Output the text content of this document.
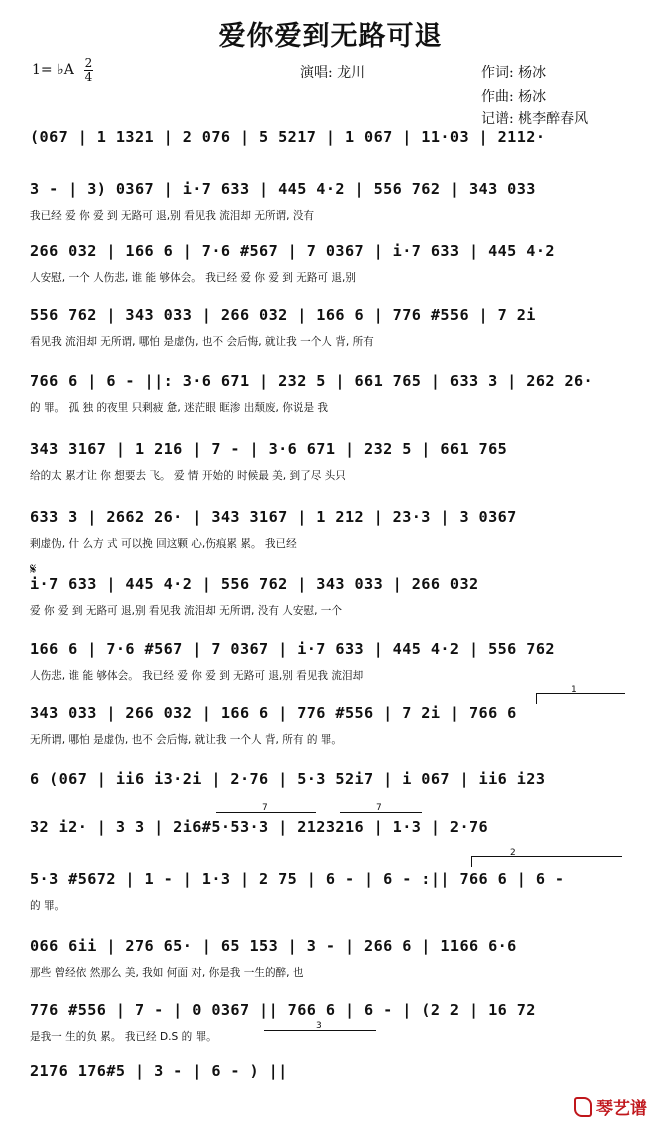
爱你爱到无路可退
1= ♭A 2
4	演唱: 龙川	作词: 杨冰
作曲: 杨冰
记谱: 桃李醉春风
(067 | 1 1321 | 2 076 | 5 5217 | 1 067 | 11·03 | 2112·
3 - | 3) 0367 | i·7 633 | 445 4·2 | 556 762 | 343 033
我已经 爱 你 爱 到 无路可 退,别 看见我 流泪却 无所谓, 没有
266 032 | 166 6 | 7·6 #567 | 7 0367 | i·7 633 | 445 4·2
人安慰, 一个 人伤悲, 谁 能 够体会。 我已经 爱 你 爱 到 无路可 退,别
556 762 | 343 033 | 266 032 | 166 6 | 776 #556 | 7 2i
看见我 流泪却 无所谓, 哪怕 是虚伪, 也不 会后悔, 就让我 一个人 背, 所有
766 6 | 6 - ||: 3·6 671 | 232 5 | 661 765 | 633 3 | 262 26·
的 罪。 孤 独 的夜里 只剩疲 惫, 迷茫眼 眶渗 出颓废, 你说是 我
343 3167 | 1 216 | 7 - | 3·6 671 | 232 5 | 661 765
给的太 累才让 你 想要去 飞。 爱 情 开始的 时候最 美, 到了尽 头只
633 3 | 2662 26· | 343 3167 | 1 212 | 23·3 | 3 0367
剩虚伪, 什 么方 式 可以挽 回这颗 心,伤痕累 累。 我已经
i·7 633 | 445 4·2 | 556 762 | 343 033 | 266 032
爱 你 爱 到 无路可 退,别 看见我 流泪却 无所谓, 没有 人安慰, 一个
166 6 | 7·6 #567 | 7 0367 | i·7 633 | 445 4·2 | 556 762
人伤悲, 谁 能 够体会。 我已经 爱 你 爱 到 无路可 退,别 看见我 流泪却
343 033 | 266 032 | 166 6 | 776 #556 | 7 2i | 766 6
无所谓, 哪怕 是虚伪, 也不 会后悔, 就让我 一个人 背, 所有 的 罪。
6 (067 | ii6 i3·2i | 2·76 | 5·3 52i7 | i 067 | ii6 i23
32 i2· | 3 3 | 2i6#5·53·3 | 2123216 | 1·3 | 2·76
5·3 #5672 | 1 - | 1·3 | 2 75 | 6 - | 6 - :|| 766 6 | 6 -
的 罪。
066 6ii | 276 65· | 65 153 | 3 - | 266 6 | 1166 6·6
那些 曾经依 然那么 美, 我如 何面 对, 你是我 一生的醉, 也
776 #556 | 7 - | 0 0367 || 766 6 | 6 - | (2 2 | 16 72
是我一 生的负 累。 我已经 D.S 的 罪。
2176 176#5 | 3 - | 6 - ) ||
1
2
7	7
3
𝄋
琴艺谱
